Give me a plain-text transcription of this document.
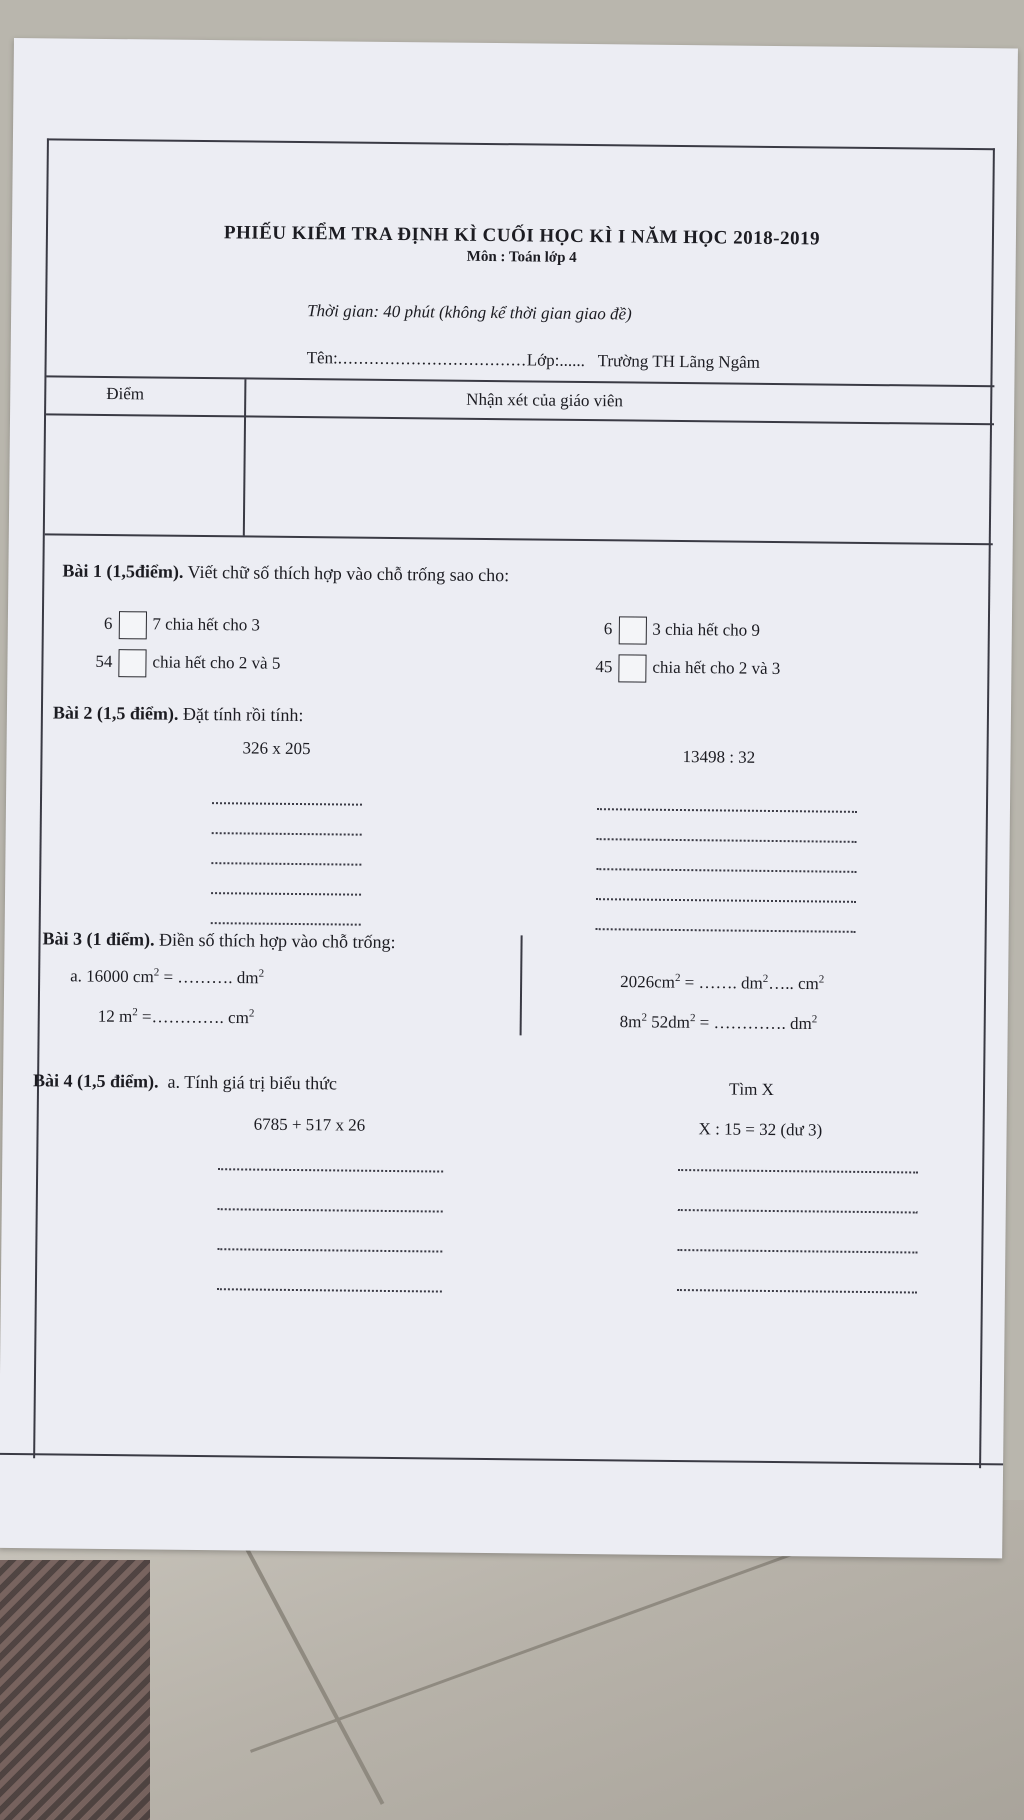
PHIẾU KIỂM TRA ĐỊNH KÌ CUỐI HỌC KÌ I NĂM HỌC 2018-2019
Môn : Toán lớp 4
Thời gian: 40 phút (không kể thời gian giao đề)
Tên:....................................Lớp:...... Trường TH Lãng Ngâm
Điểm	Nhận xét của giáo viên
Bài 1 (1,5điểm). Viết chữ số thích hợp vào chỗ trống sao cho:
6 7 chia hết cho 3	6 3 chia hết cho 9
54 chia hết cho 2 và 5	45 chia hết cho 2 và 3
Bài 2 (1,5 điểm). Đặt tính rồi tính:
326 x 205	13498 : 32
Bài 3 (1 điểm). Điền số thích hợp vào chỗ trống:
a. 16000 $cm^2$ = ………. $dm^2$
12 $m^2$ =…………. $cm^2$
$2026cm^2$ = ……. $dm^2\dots$.. $cm^2$
$8m^2$ $52dm^2$ = …………. $dm^2$
Bài 4 (1,5 điểm). a. Tính giá trị biểu thức	Tìm X
6785 + 517 x 26	X : 15 = 32 (dư 3)
